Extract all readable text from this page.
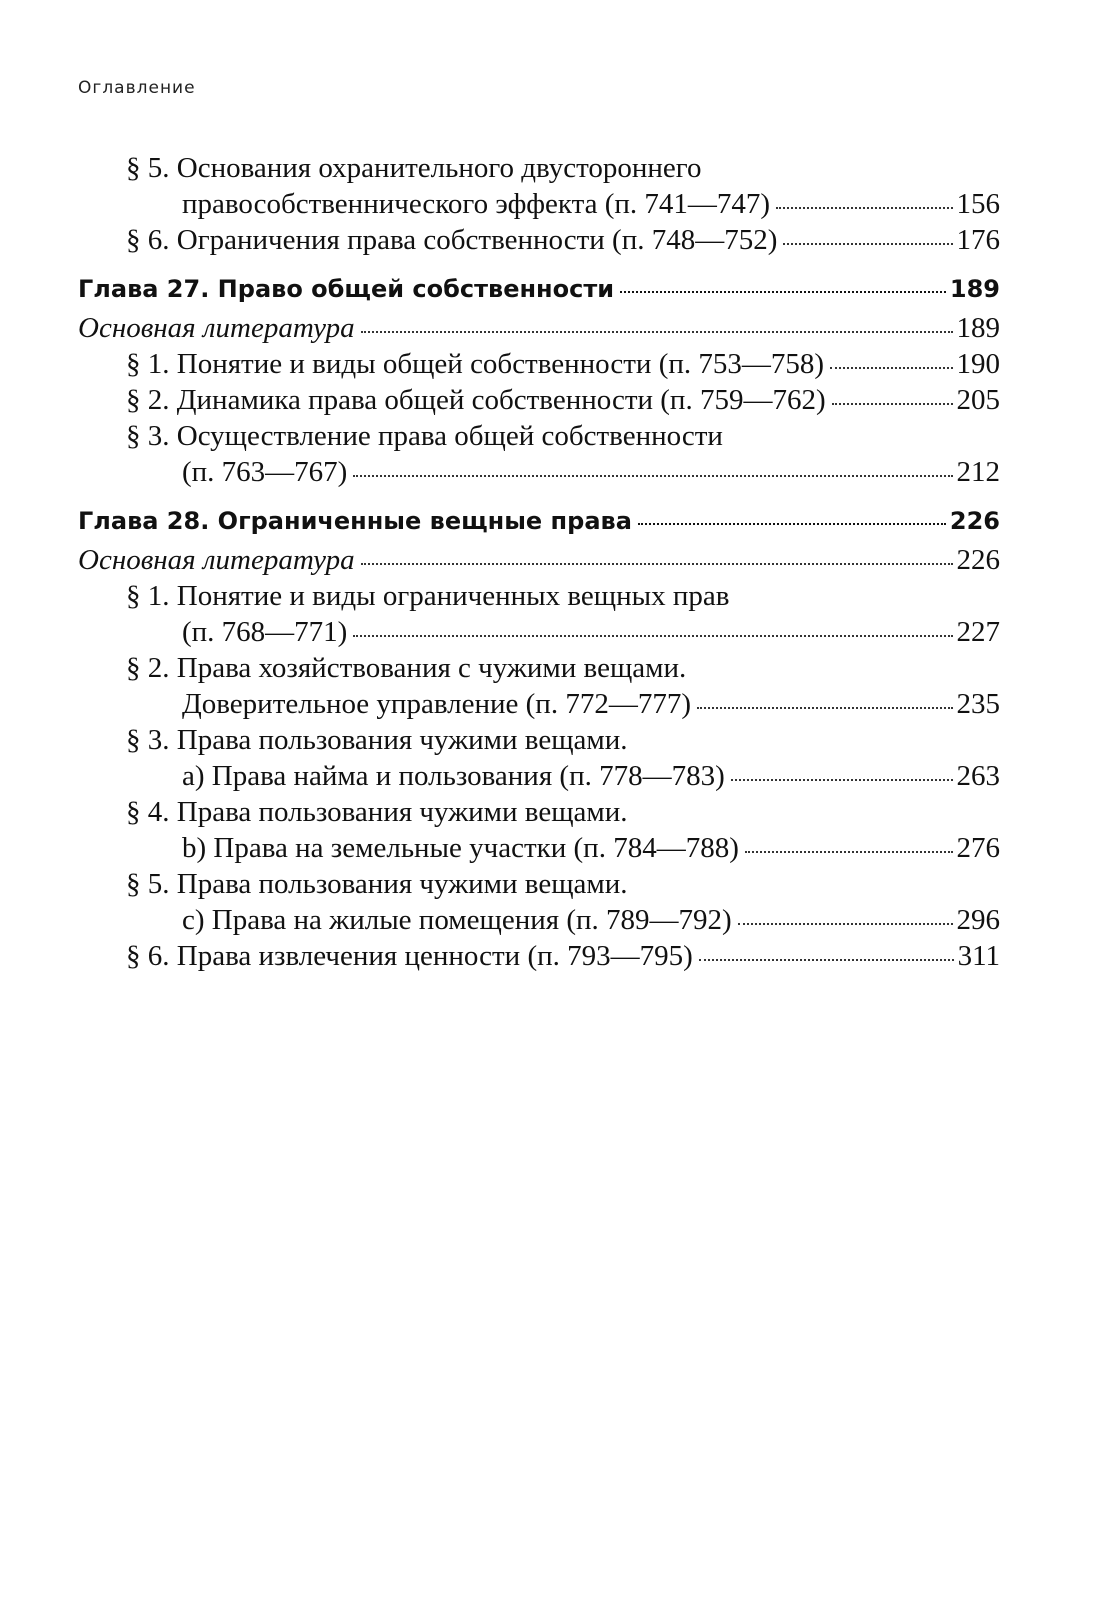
Оглавление
§ 5. Основания охранительного двустороннего
правособственнического эффекта (п. 741—747)	156
§ 6. Ограничения права собственности (п. 748—752)	176
Глава 27. Право общей собственности	189
Основная литература	189
§ 1. Понятие и виды общей собственности (п. 753—758)	190
§ 2. Динамика права общей собственности (п. 759—762)	205
§ 3. Осуществление права общей собственности
(п. 763—767)	212
Глава 28. Ограниченные вещные права	226
Основная литература	226
§ 1. Понятие и виды ограниченных вещных прав
(п. 768—771)	227
§ 2. Права хозяйствования с чужими вещами.
Доверительное управление (п. 772—777)	235
§ 3. Права пользования чужими вещами.
a) Права найма и пользования (п. 778—783)	263
§ 4. Права пользования чужими вещами.
b) Права на земельные участки (п. 784—788)	276
§ 5. Права пользования чужими вещами.
c) Права на жилые помещения (п. 789—792)	296
§ 6. Права извлечения ценности (п. 793—795)	311
